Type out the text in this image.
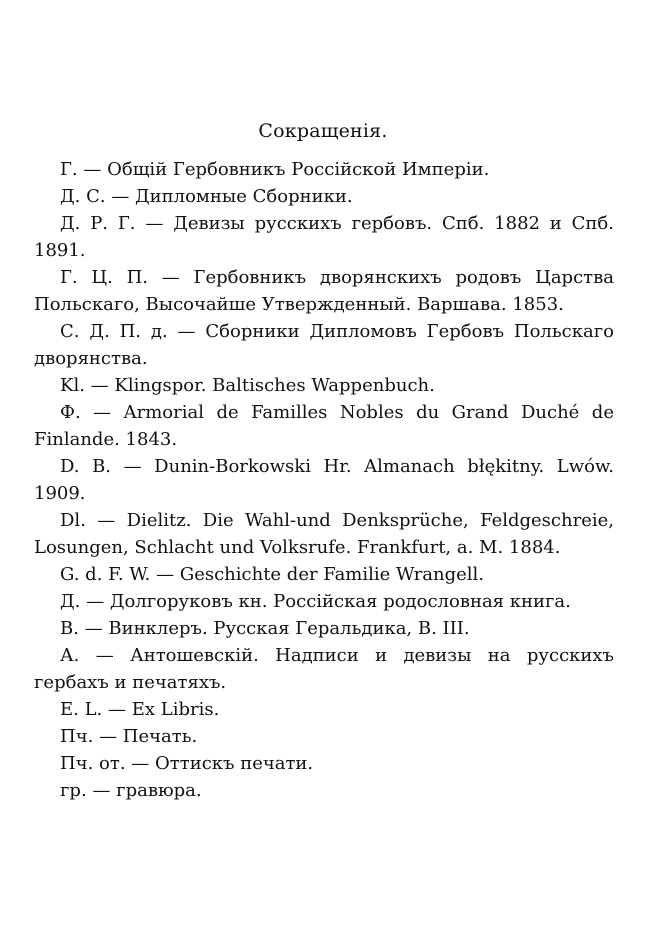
Сокращенія.

Г. — Общій Гербовникъ Россійской Имперіи.

Д. С. — Дипломные Сборники.

Д. Р. Г. — Девизы русскихъ гербовъ. Спб. 1882 и Спб. 1891.

Г. Ц. П. — Гербовникъ дворянскихъ родовъ Царства Польскаго, Высочайше Утвержденный. Варшава. 1853.

С. Д. П. д. — Сборники Дипломовъ Гербовъ Польскаго дворянства.

Kl. — Klingspor. Baltisches Wappenbuch.

Ф. — Armorial de Familles Nobles du Grand Duché de Finlande. 1843.

D. B. — Dunin-Borkowski Hr. Almanach błękitny. Lwów. 1909.

Dl. — Dielitz. Die Wahl-und Denksprüche, Feldgeschreie, Losungen, Schlacht und Volksrufe. Frankfurt, a. M. 1884.

G. d. F. W. — Geschichte der Familie Wrangell.

Д. — Долгоруковъ кн. Россійская родословная книга.

В. — Винклеръ. Русская Геральдика, В. III.

А. — Антошевскій. Надписи и девизы на русскихъ гербахъ и печатяхъ.

E. L. — Ex Libris.

Пч. — Печать.

Пч. от. — Оттискъ печати.

гр. — гравюра.
